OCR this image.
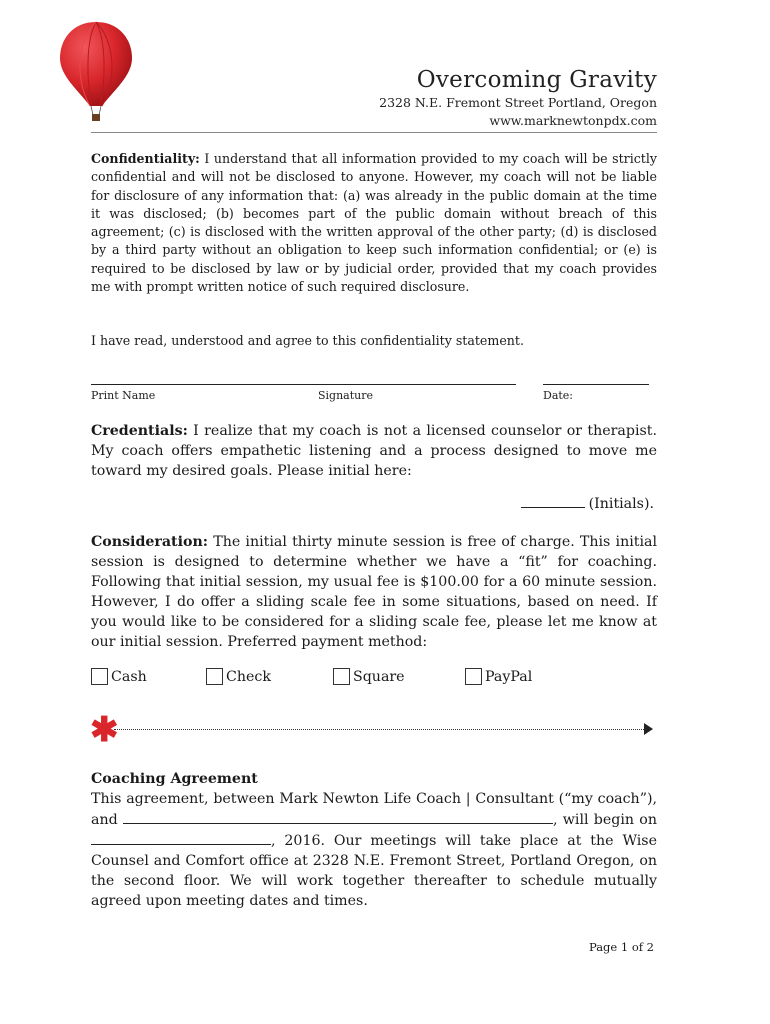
Overcoming Gravity
2328 N.E. Fremont Street Portland, Oregon
www.marknewtonpdx.com
Confidentiality: I understand that all information provided to my coach will be strictly confidential and will not be disclosed to anyone. However, my coach will not be liable for disclosure of any information that: (a) was already in the public domain at the time it was disclosed; (b) becomes part of the public domain without breach of this agreement; (c) is disclosed with the written approval of the other party; (d) is disclosed by a third party without an obligation to keep such information confidential; or (e) is required to be disclosed by law or by judicial order, provided that my coach provides me with prompt written notice of such required disclosure.
I have read, understood and agree to this confidentiality statement.
Print Name	Signature	Date:
Credentials: I realize that my coach is not a licensed counselor or therapist. My coach offers empathetic listening and a process designed to move me toward my desired goals. Please initial here:
(Initials).
Consideration: The initial thirty minute session is free of charge. This initial session is designed to determine whether we have a “fit” for coaching. Following that initial session, my usual fee is $100.00 for a 60 minute session. However, I do offer a sliding scale fee in some situations, based on need. If you would like to be considered for a sliding scale fee, please let me know at our initial session. Preferred payment method:
Cash	Check	Square	PayPal
✱
Coaching Agreement
This agreement, between Mark Newton Life Coach | Consultant (“my coach”), and	, will begin on , 2016. Our meetings will take place at the Wise Counsel and Comfort office at 2328 N.E. Fremont Street, Portland Oregon, on the second floor. We will work together thereafter to schedule mutually agreed upon meeting dates and times.
Page 1 of 2
